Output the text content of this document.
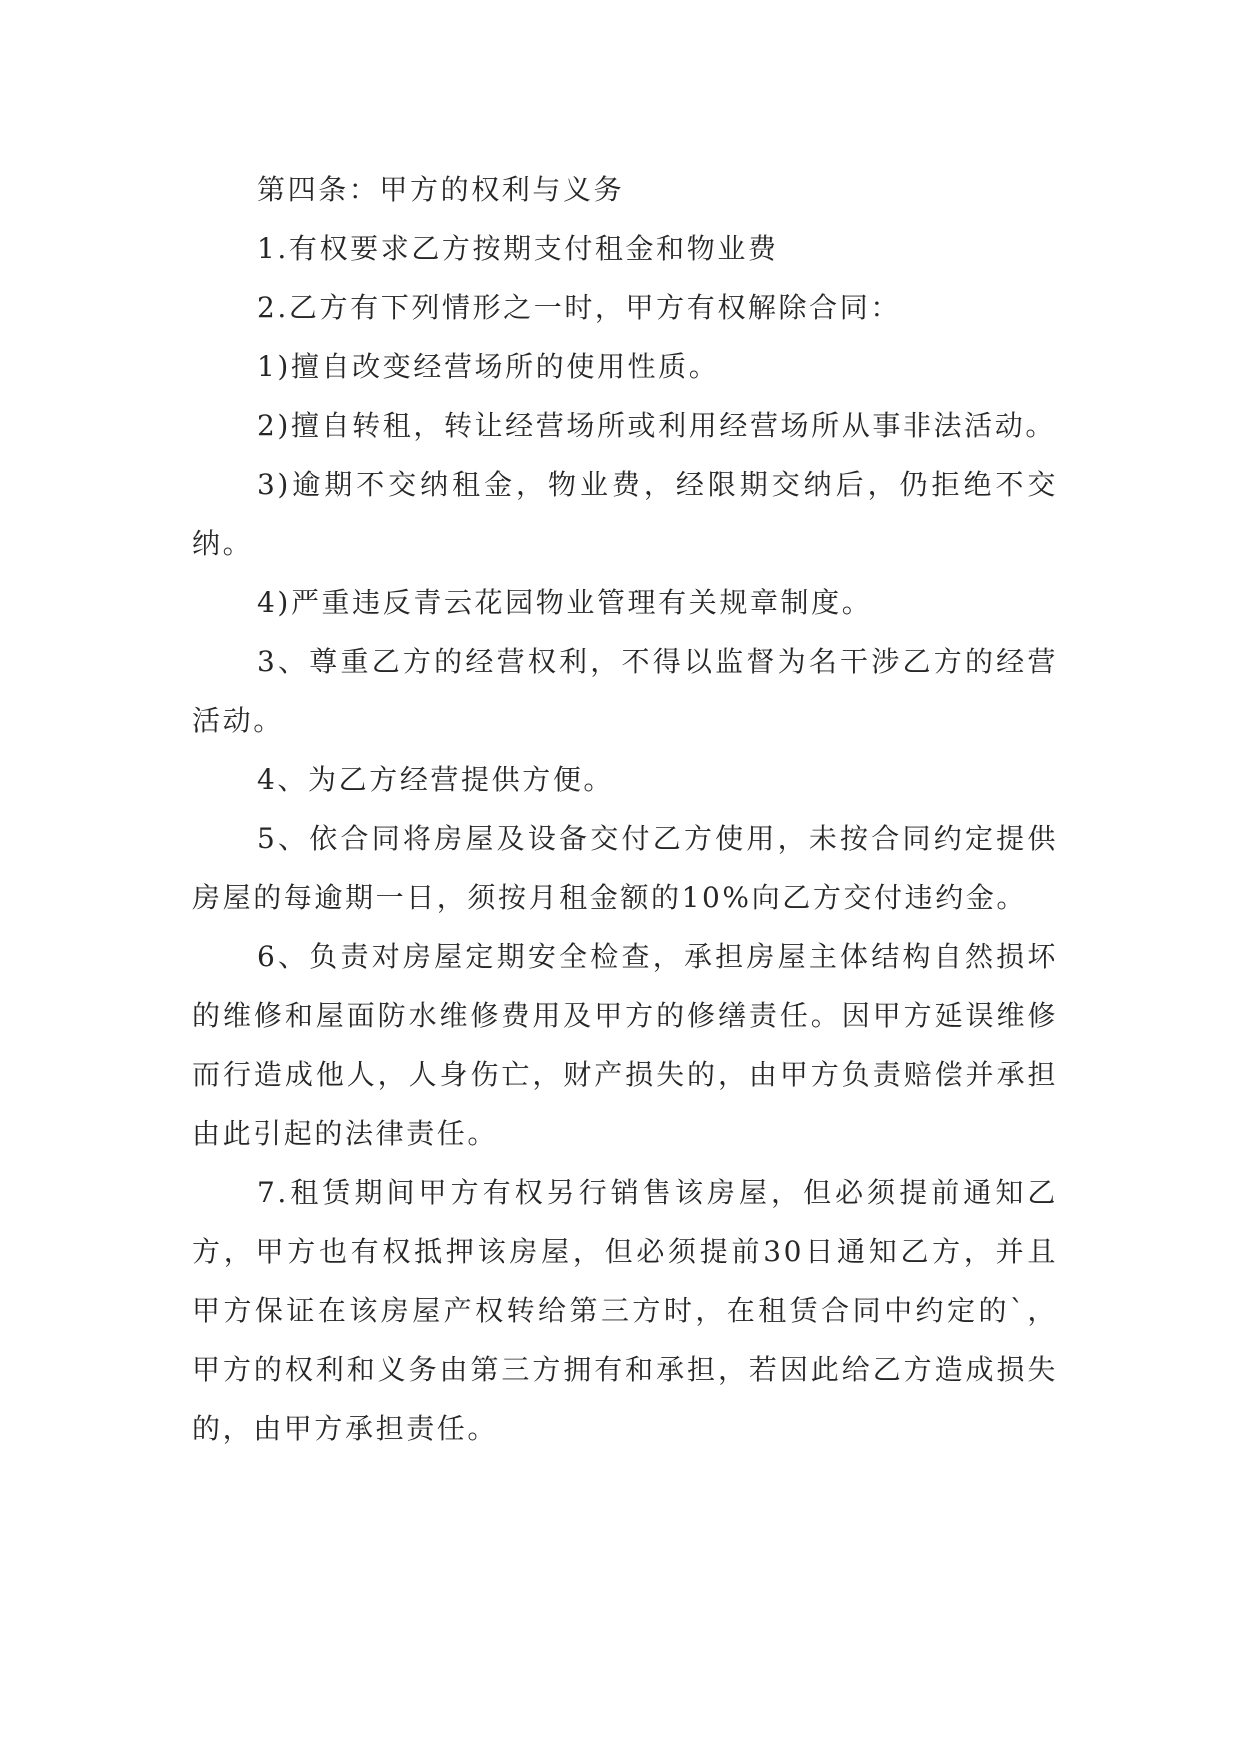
第四条：甲方的权利与义务

1.有权要求乙方按期支付租金和物业费

2.乙方有下列情形之一时，甲方有权解除合同：

1)擅自改变经营场所的使用性质。

2)擅自转租，转让经营场所或利用经营场所从事非法活动。

3)逾期不交纳租金，物业费，经限期交纳后，仍拒绝不交纳。

4)严重违反青云花园物业管理有关规章制度。

3、尊重乙方的经营权利，不得以监督为名干涉乙方的经营活动。

4、为乙方经营提供方便。

5、依合同将房屋及设备交付乙方使用，未按合同约定提供房屋的每逾期一日，须按月租金额的10%向乙方交付违约金。

6、负责对房屋定期安全检查，承担房屋主体结构自然损坏的维修和屋面防水维修费用及甲方的修缮责任。因甲方延误维修而行造成他人，人身伤亡，财产损失的，由甲方负责赔偿并承担由此引起的法律责任。

7.租赁期间甲方有权另行销售该房屋，但必须提前通知乙方，甲方也有权抵押该房屋，但必须提前30日通知乙方，并且甲方保证在该房屋产权转给第三方时，在租赁合同中约定的`，甲方的权利和义务由第三方拥有和承担，若因此给乙方造成损失的，由甲方承担责任。
